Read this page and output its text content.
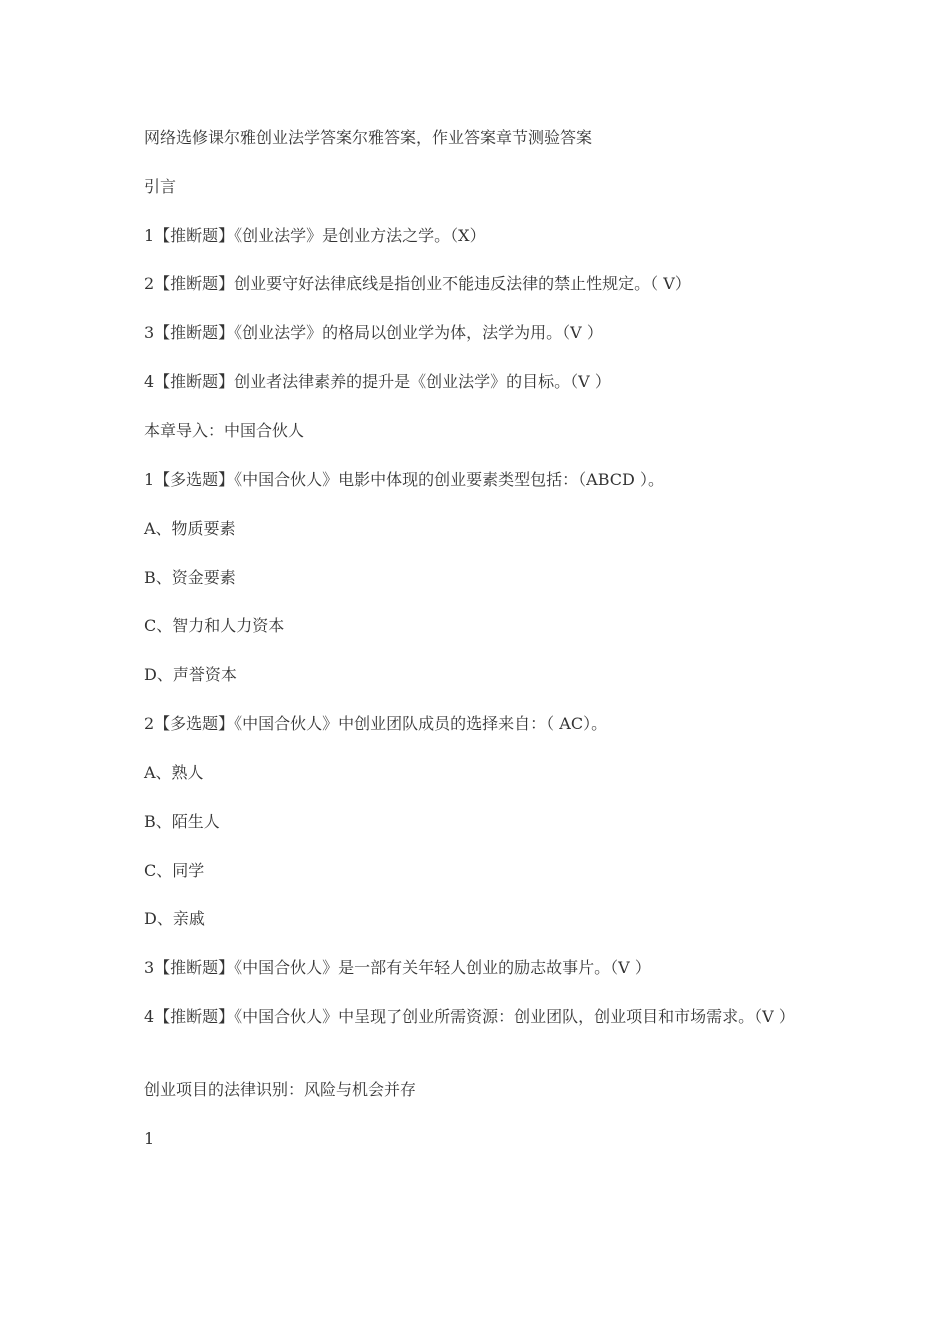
网络选修课尔雅创业法学答案尔雅答案，作业答案章节测验答案
引言
1【推断题】《创业法学》是创业方法之学。（X）
2【推断题】创业要守好法律底线是指创业不能违反法律的禁止性规定。（ V）
3【推断题】《创业法学》的格局以创业学为体，法学为用。（V ）
4【推断题】创业者法律素养的提升是《创业法学》的目标。（V ）
本章导入：中国合伙人
1【多选题】《中国合伙人》电影中体现的创业要素类型包括：（ABCD ）。
A、物质要素
B、资金要素
C、智力和人力资本
D、声誉资本
2【多选题】《中国合伙人》中创业团队成员的选择来自：（ AC）。
A、熟人
B、陌生人
C、同学
D、亲戚
3【推断题】《中国合伙人》是一部有关年轻人创业的励志故事片。（V ）
4【推断题】《中国合伙人》中呈现了创业所需资源：创业团队，创业项目和市场需求。（V ）
创业项目的法律识别：风险与机会并存
1
